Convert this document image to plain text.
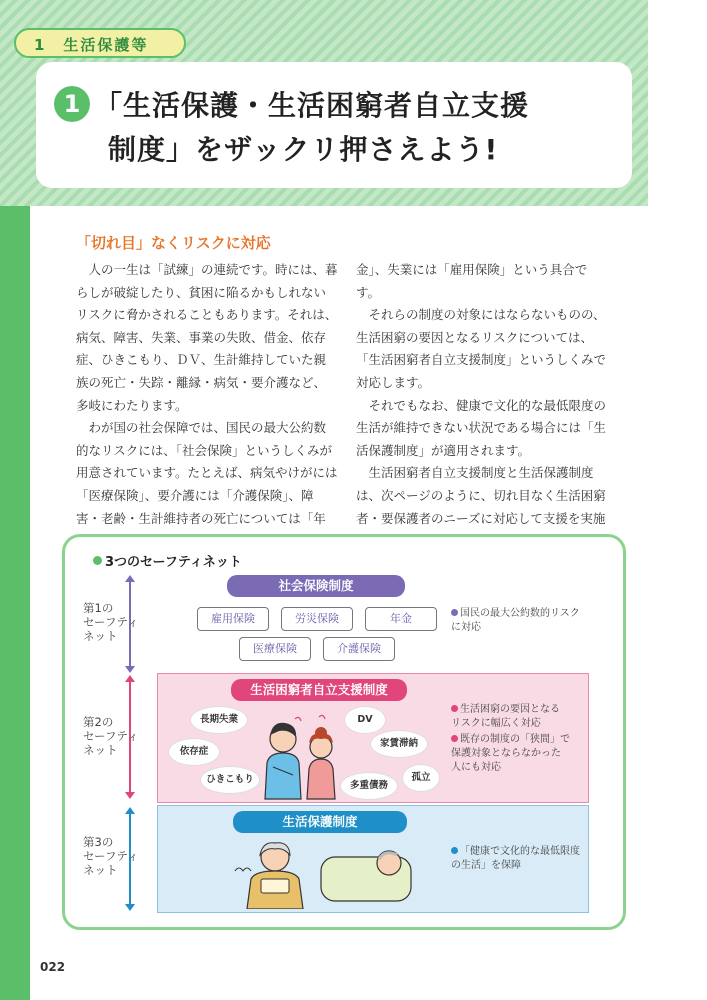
1　生活保護等
1 「生活保護・生活困窮者自立支援
制度」をザックリ押さえよう!
「切れ目」なくリスクに対応

　人の一生は「試練」の連続です。時には、暮らしが破綻したり、貧困に陥るかもしれないリスクに脅かされることもあります。それは、病気、障害、失業、事業の失敗、借金、依存症、ひきこもり、ＤＶ、生計維持していた親族の死亡・失踪・離縁・病気・要介護など、多岐にわたります。

　わが国の社会保障では、国民の最大公約数的なリスクには、「社会保険」というしくみが用意されています。たとえば、病気やけがには「医療保険」、要介護には「介護保険」、障害・老齢・生計維持者の死亡については「年

金」、失業には「雇用保険」という具合です。

　それらの制度の対象にはならないものの、生活困窮の要因となるリスクについては、「生活困窮者自立支援制度」というしくみで対応します。

　それでもなお、健康で文化的な最低限度の生活が維持できない状況である場合には「生活保護制度」が適用されます。

　生活困窮者自立支援制度と生活保護制度は、次ページのように、切れ目なく生活困窮者・要保護者のニーズに対応して支援を実施

3つのセーフティネット
第1の
セーフティ
ネット
社会保険制度
雇用保険	労災保険	年金
医療保険	介護保険
国民の最大公約数的リスク
に対応
第2の
セーフティ
ネット
生活困窮者自立支援制度
長期失業	DV
依存症
家賃滞納
ひきこもり
多重債務
孤立
生活困窮の要因となる
リスクに幅広く対応
既存の制度の「狭間」で
保護対象とならなかった
人にも対応
第3の
セーフティ
ネット
生活保護制度
「健康で文化的な最低限度
の生活」を保障
022
